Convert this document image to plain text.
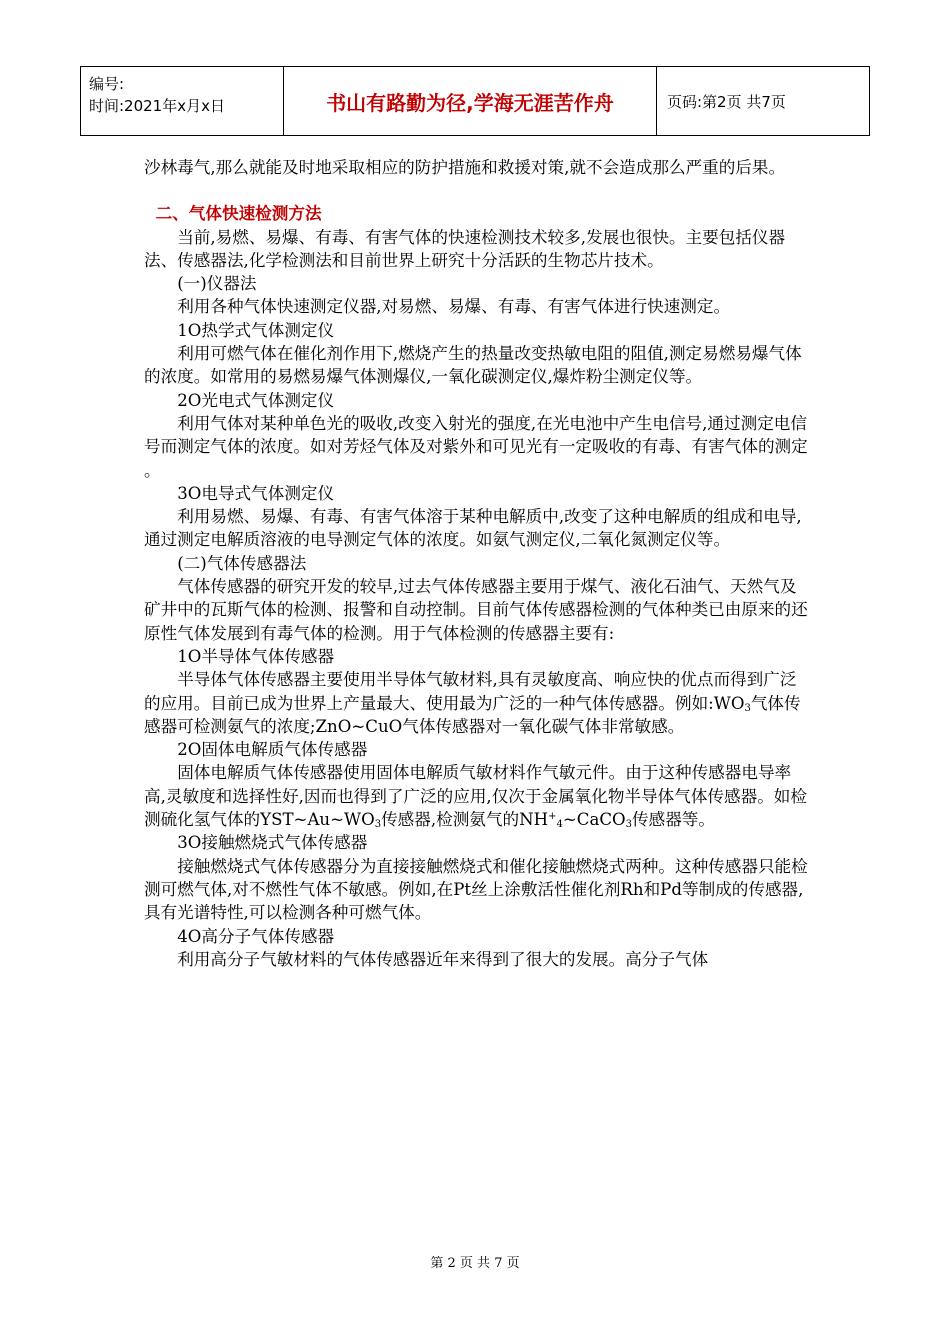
编号:
时间:2021年x月x日	书山有路勤为径,学海无涯苦作舟	页码:第2页 共7页

沙林毒气,那么就能及时地采取相应的防护措施和救援对策,就不会造成那么严重的后果。

二、气体快速检测方法

当前,易燃、易爆、有毒、有害气体的快速检测技术较多,发展也很快。主要包括仪器法、传感器法,化学检测法和目前世界上研究十分活跃的生物芯片技术。

(一)仪器法

利用各种气体快速测定仪器,对易燃、易爆、有毒、有害气体进行快速测定。

1O热学式气体测定仪

利用可燃气体在催化剂作用下,燃烧产生的热量改变热敏电阻的阻值,测定易燃易爆气体的浓度。如常用的易燃易爆气体测爆仪,一氧化碳测定仪,爆炸粉尘测定仪等。

2O光电式气体测定仪

利用气体对某种单色光的吸收,改变入射光的强度,在光电池中产生电信号,通过测定电信号而测定气体的浓度。如对芳烃气体及对紫外和可见光有一定吸收的有毒、有害气体的测定 。

3O电导式气体测定仪

利用易燃、易爆、有毒、有害气体溶于某种电解质中,改变了这种电解质的组成和电导,通过测定电解质溶液的电导测定气体的浓度。如氨气测定仪,二氧化氮测定仪等。

(二)气体传感器法

气体传感器的研究开发的较早,过去气体传感器主要用于煤气、液化石油气、天然气及矿井中的瓦斯气体的检测、报警和自动控制。目前气体传感器检测的气体种类已由原来的还原性气体发展到有毒气体的检测。用于气体检测的传感器主要有:

1O半导体气体传感器

半导体气体传感器主要使用半导体气敏材料,具有灵敏度高、响应快的优点而得到广泛的应用。目前已成为世界上产量最大、使用最为广泛的一种气体传感器。例如$:WO_3$气体传感器可检测氨气的浓度;ZnO~CuO气体传感器对一氧化碳气体非常敏感。

2O固体电解质气体传感器

固体电解质气体传感器使用固体电解质气敏材料作气敏元件。由于这种传感器电导率高,灵敏度和选择性好,因而也得到了广泛的应用,仅次于金属氧化物半导体气体传感器。如检测硫化氢气体的$YST\sim Au\sim WO_3$传感器,检测氨气的$NH^+_4\sim CaCO_3$传感器等。

3O接触燃烧式气体传感器

接触燃烧式气体传感器分为直接接触燃烧式和催化接触燃烧式两种。这种传感器只能检测可燃气体,对不燃性气体不敏感。例如,在Pt丝上涂敷活性催化剂Rh和Pd等制成的传感器,具有光谱特性,可以检测各种可燃气体。

4O高分子气体传感器

利用高分子气敏材料的气体传感器近年来得到了很大的发展。高分子气体

第 2 页 共 7 页
